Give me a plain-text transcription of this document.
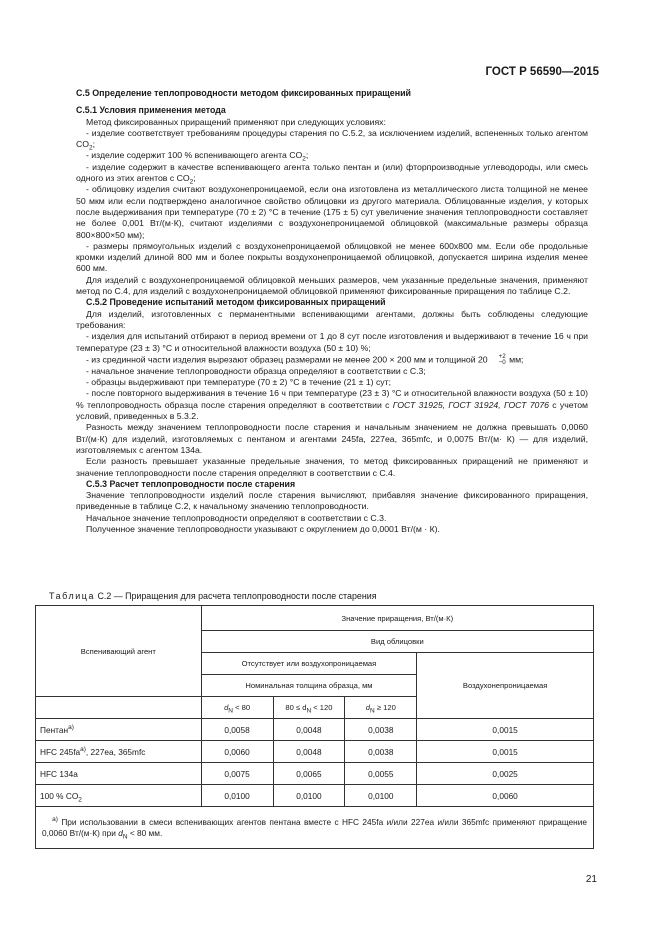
ГОСТ Р 56590—2015
С.5 Определение теплопроводности методом фиксированных приращений
С.5.1 Условия применения метода

Метод фиксированных приращений применяют при следующих условиях:

- изделие соответствует требованиям процедуры старения по С.5.2, за исключением изделий, вспененных только агентом $CO_2$;

- изделие содержит 100 % вспенивающего агента $CO_2$;

- изделие содержит в качестве вспенивающего агента только пентан и (или) фторпроизводные углеводороды, или смесь одного из этих агентов с $CO_2$;

- облицовку изделия считают воздухонепроницаемой, если она изготовлена из металлического листа толщиной не менее 50 мкм или если подтверждено аналогичное свойство облицовки из другого материала. Облицованные изделия, у которых после выдерживания при температуре (70 ± 2) °С в течение (175 ± 5) сут увеличение значения теплопроводности составляет не более 0,001 Вт/(м·К), считают изделиями с воздухонепроницаемой облицовкой (максимальные размеры образца 800×800×50 мм);

- размеры прямоугольных изделий с воздухонепроницаемой облицовкой не менее 600x800 мм. Если обе продольные кромки изделий длиной 800 мм и более покрыты воздухонепроницаемой облицовкой, допускается ширина изделия менее 600 мм.

Для изделий с воздухонепроницаемой облицовкой меньших размеров, чем указанные предельные значения, применяют метод по С.4, для изделий с воздухонепроницаемой облицовкой применяют фиксированные приращения по таблице С.2.

С.5.2 Проведение испытаний методом фиксированных приращений

Для изделий, изготовленных с перманентными вспенивающими агентами, должны быть соблюдены следующие требования:

- изделия для испытаний отбирают в период времени от 1 до 8 сут после изготовления и выдерживают в течение 16 ч при температуре (23 ± 3) °С и относительной влажности воздуха (50 ± 10) %;

- из срединной части изделия вырезают образец размерами не менее 200 × 200 мм и толщиной 20	+2
−0 мм;

- начальное значение теплопроводности образца определяют в соответствии с С.3;

- образцы выдерживают при температуре (70 ± 2) °С в течение (21 ± 1) сут;

- после повторного выдерживания в течение 16 ч при температуре (23 ± 3) °С и относительной влажности воздуха (50 ± 10) % теплопроводность образца после старения определяют в соответствии с ГОСТ 31925, ГОСТ 31924, ГОСТ 7076 с учетом условий, приведенных в 5.3.2.

Разность между значением теплопроводности после старения и начальным значением не должна превышать 0,0060 Вт/(м·К) для изделий, изготовляемых с пентаном и агентами 245fa, 227ea, 365mfc, и 0,0075 Вт/(м· К) — для изделий, изготовляемых с агентом 134a.

Если разность превышает указанные предельные значения, то метод фиксированных приращений не применяют и значение теплопроводности после старения определяют в соответствии с С.4.

С.5.3 Расчет теплопроводности после старения

Значение теплопроводности изделий после старения вычисляют, прибавляя значение фиксированного приращения, приведенные в таблице С.2, к начальному значению теплопроводности.

Начальное значение теплопроводности определяют в соответствии с С.3.

Полученное значение теплопроводности указывают с округлением до 0,0001 Вт/(м · К).

Таблица С.2 — Приращения для расчета теплопроводности после старения
Вспенивающий агент	Значение приращения, Вт/(м·К)			
	Вид облицовки			
	Отсутствует или воздухопроницаемая			Воздухонепроницаемая
	Номинальная толщина образца, мм			
	$d_N < 80$	$80 \le d_N < 120$	$d_N \ge 120$	
Пентан$^{а)}$	0,0058	0,0048	0,0038	0,0015
HFC $245fa^{а)}$, 227ea, 365mfc	0,0060	0,0048	0,0038	0,0015
HFC 134a	0,0075	0,0065	0,0055	0,0025
100 % $CO_2$	0,0100	0,0100	0,0100	0,0060
$^{а)}$ При использовании в смеси вспенивающих агентов пентана вместе с HFC 245fa и/или 227ea и/или 365mfc применяют приращение 0,0060 Вт/(м·К) при $d_N < 80$ мм.				
21
